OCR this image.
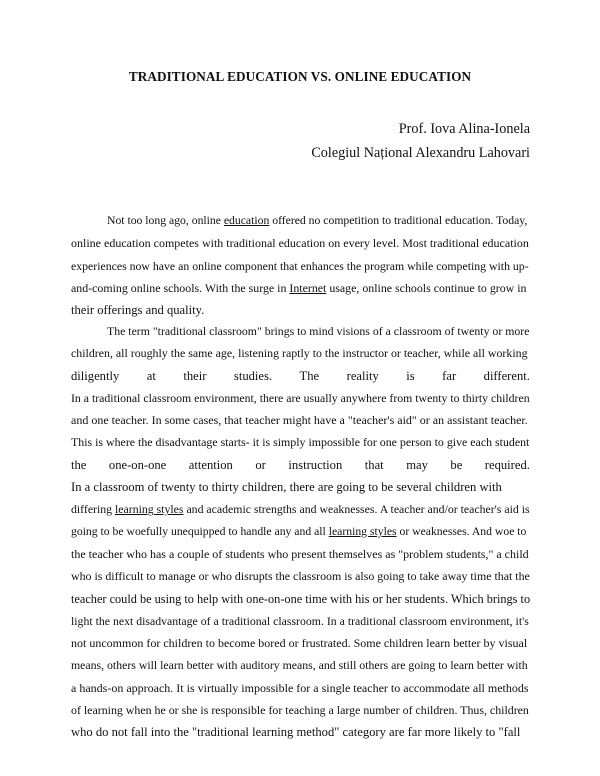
TRADITIONAL EDUCATION VS. ONLINE EDUCATION
Prof. Iova Alina-Ionela
Colegiul Național Alexandru Lahovari
Not too long ago, online education offered no competition to traditional education. Today,
online education competes with traditional education on every level. Most traditional education
experiences now have an online component that enhances the program while competing with up-
and-coming online schools. With the surge in Internet usage, online schools continue to grow in
their offerings and quality.
The term "traditional classroom" brings to mind visions of a classroom of twenty or more
children, all roughly the same age, listening raptly to the instructor or teacher, while all working
diligently at their studies. The reality is far different.
In a traditional classroom environment, there are usually anywhere from twenty to thirty children
and one teacher. In some cases, that teacher might have a "teacher's aid" or an assistant teacher.
This is where the disadvantage starts- it is simply impossible for one person to give each student
the one-on-one attention or instruction that may be required.
In a classroom of twenty to thirty children, there are going to be several children with
differing learning styles and academic strengths and weaknesses. A teacher and/or teacher's aid is
going to be woefully unequipped to handle any and all learning styles or weaknesses. And woe to
the teacher who has a couple of students who present themselves as "problem students," a child
who is difficult to manage or who disrupts the classroom is also going to take away time that the
teacher could be using to help with one-on-one time with his or her students. Which brings to
light the next disadvantage of a traditional classroom. In a traditional classroom environment, it's
not uncommon for children to become bored or frustrated. Some children learn better by visual
means, others will learn better with auditory means, and still others are going to learn better with
a hands-on approach. It is virtually impossible for a single teacher to accommodate all methods
of learning when he or she is responsible for teaching a large number of children. Thus, children
who do not fall into the "traditional learning method" category are far more likely to "fall
